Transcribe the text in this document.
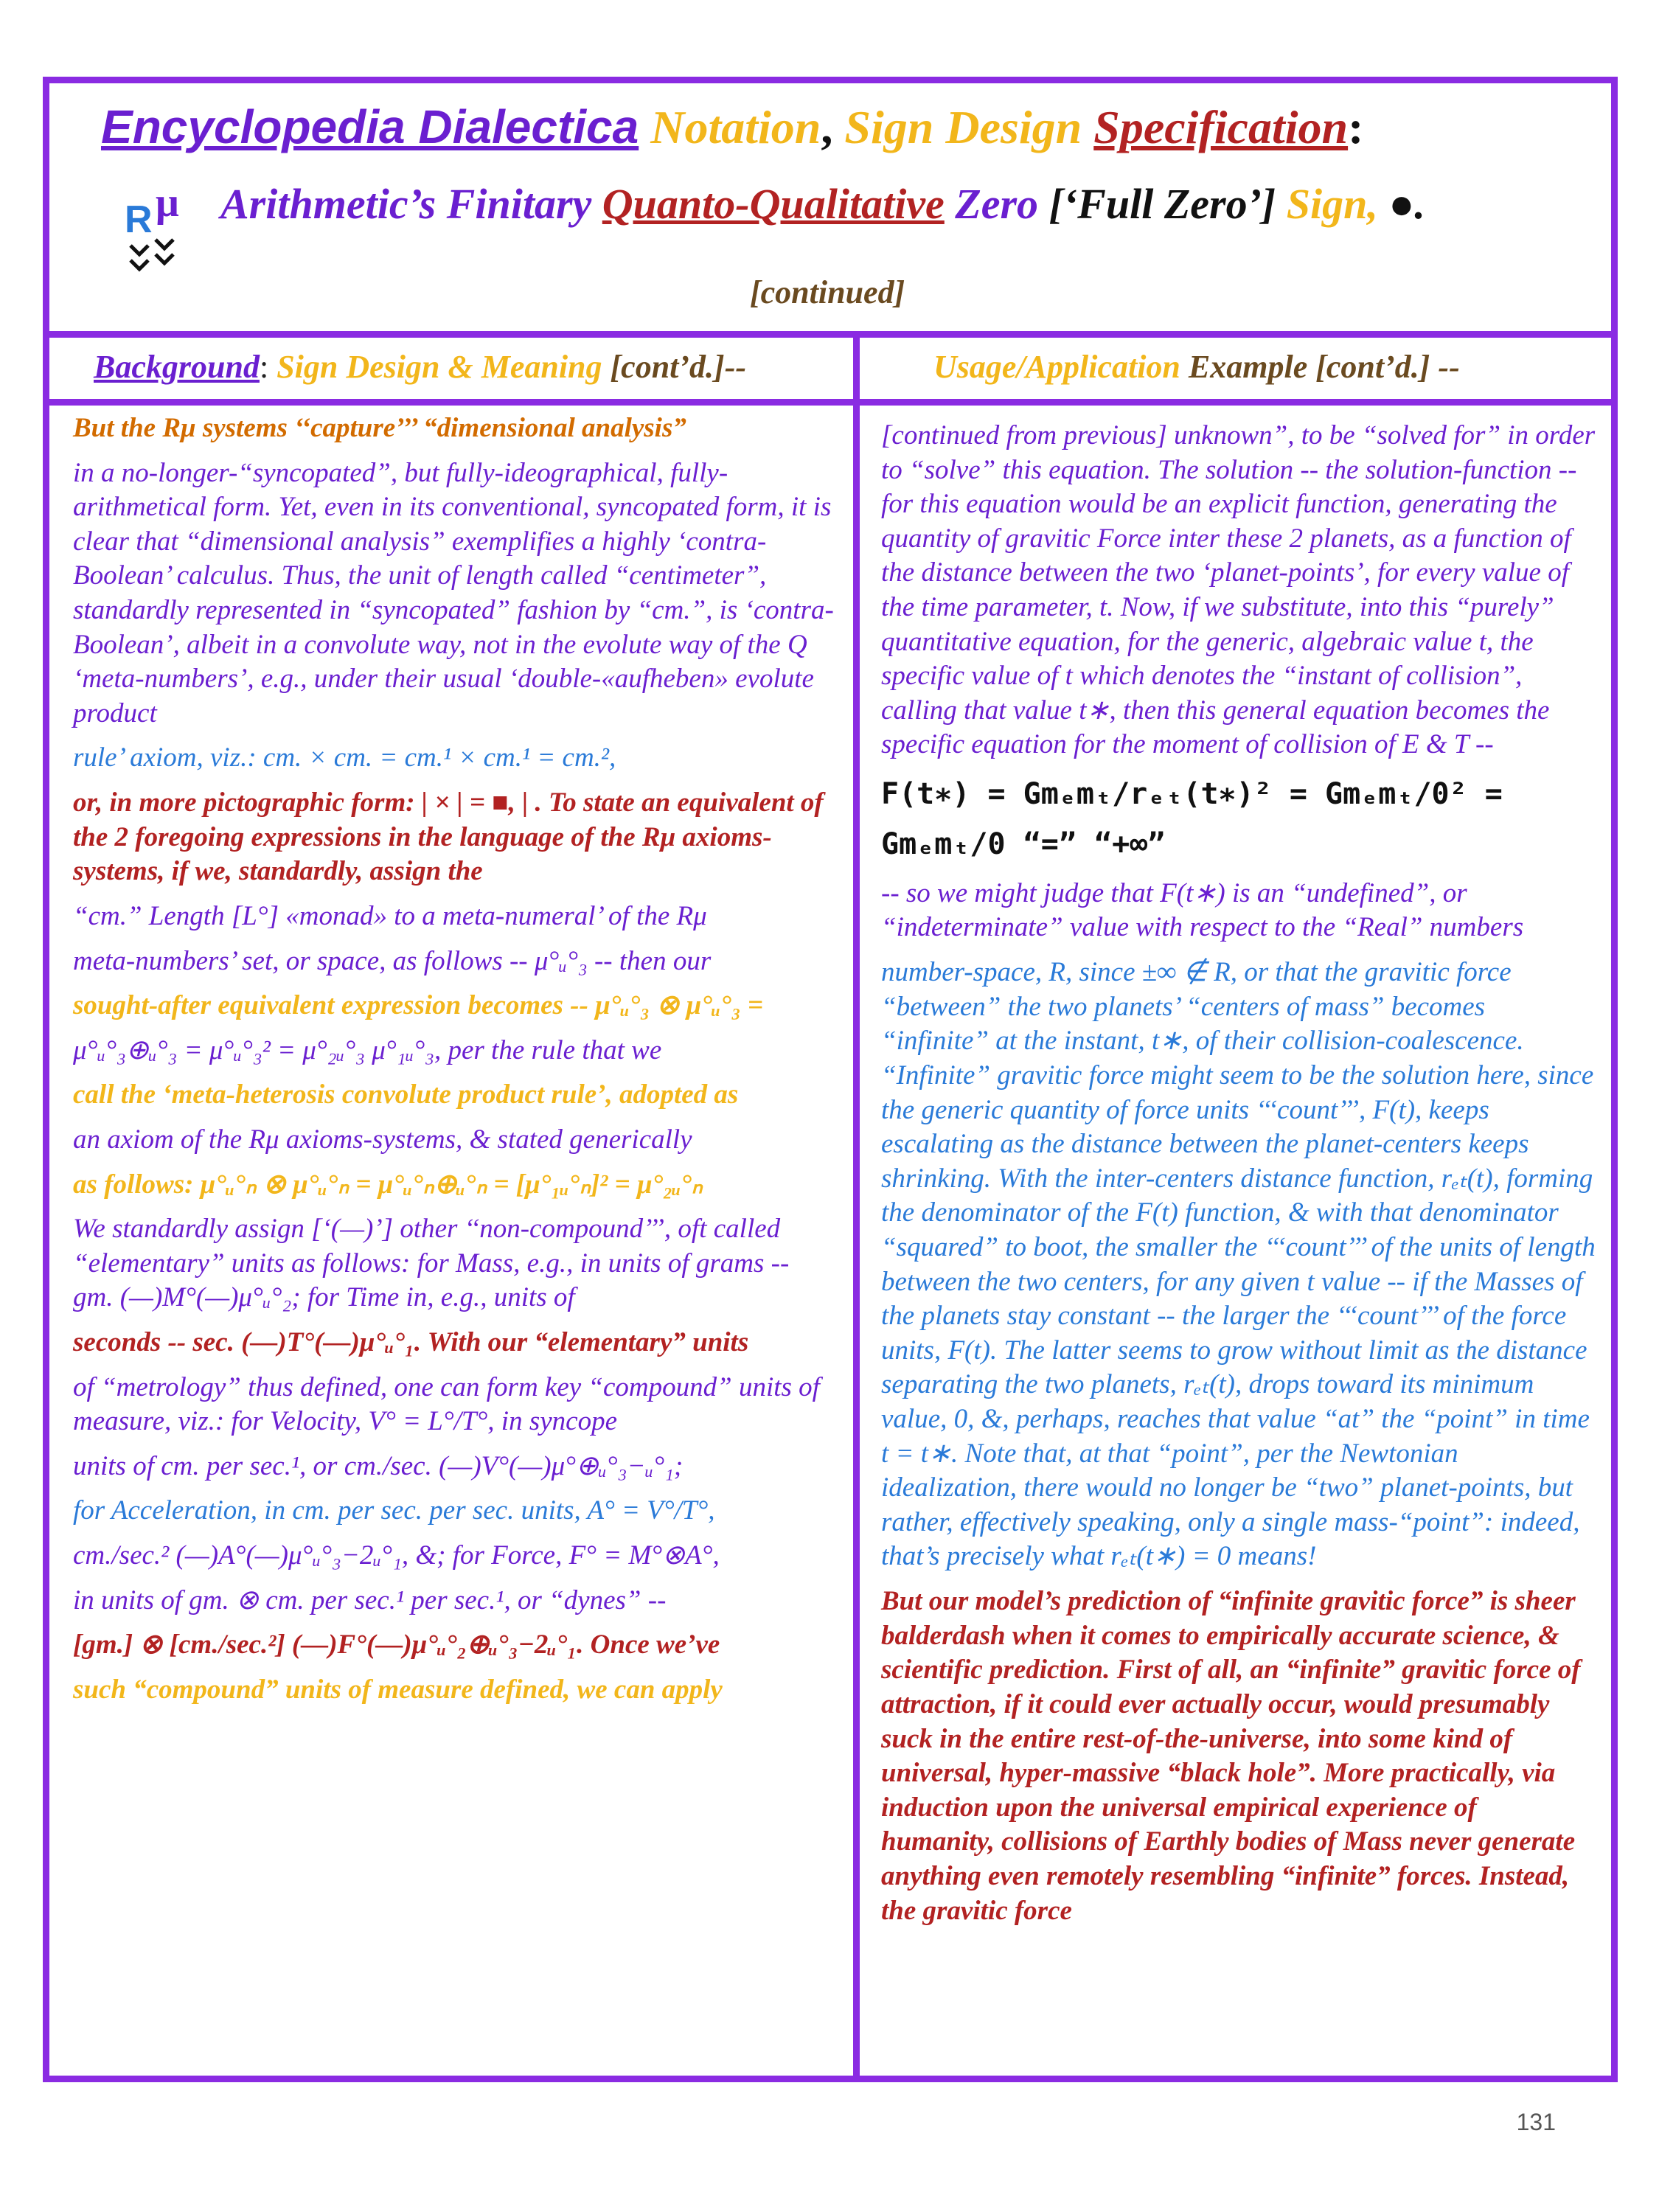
Encyclopedia Dialectica Notation, Sign Design Specification:
R μ Arithmetic’s Finitary Quanto-Qualitative Zero [‘Full Zero’] Sign, ●.
[continued]
Background: Sign Design & Meaning [cont’d.]--	Usage/Application Example [cont’d.] --

But the Rμ systems ‘‘capture’’’ “dimensional analysis”

in a no-longer-“syncopated”, but fully-ideographical, fully-arithmetical form. Yet, even in its conventional, syncopated form, it is clear that “dimensional analysis” exemplifies a highly ‘contra-Boolean’ calculus. Thus, the unit of length called “centimeter”, standardly represented in “syncopated” fashion by “cm.”, is ‘contra-Boolean’, albeit in a convolute way, not in the evolute way of the Q ‘meta-numbers’, e.g., under their usual ‘double-«aufheben» evolute product

rule’ axiom, viz.: cm. × cm. = cm.¹ × cm.¹ = cm.²,

or, in more pictographic form: | × | = ■, | . To state an equivalent of the 2 foregoing expressions in the language of the Rμ axioms-systems, if we, standardly, assign the

“cm.” Length [L°] «monad» to a meta-numeral’ of the Rμ

meta-numbers’ set, or space, as follows -- μ°ᵤ°₃ -- then our

sought-after equivalent expression becomes -- μ°ᵤ°₃ ⊗ μ°ᵤ°₃ =

μ°ᵤ°₃⊕ᵤ°₃ = μ°ᵤ°₃² = μ°₂ᵤ°₃ μ°₁ᵤ°₃, per the rule that we

call the ‘meta-heterosis convolute product rule’, adopted as

an axiom of the Rμ axioms-systems, & stated generically

as follows: μ°ᵤ°ₙ ⊗ μ°ᵤ°ₙ = μ°ᵤ°ₙ⊕ᵤ°ₙ = [μ°₁ᵤ°ₙ]² = μ°₂ᵤ°ₙ

We standardly assign [‘(—)’] other ‘‘non-compound’’’, oft called “elementary” units as follows: for Mass, e.g., in units of grams -- gm. (—)M°(—)μ°ᵤ°₂; for Time in, e.g., units of

seconds -- sec. (—)T°(—)μ°ᵤ°₁. With our “elementary” units

of “metrology” thus defined, one can form key “compound” units of measure, viz.: for Velocity, V° = L°/T°, in syncope

units of cm. per sec.¹, or cm./sec. (—)V°(—)μ°⊕ᵤ°₃−ᵤ°₁;

for Acceleration, in cm. per sec. per sec. units, A° = V°/T°,

cm./sec.² (—)A°(—)μ°ᵤ°₃−2ᵤ°₁, &; for Force, F° = M°⊗A°,

in units of gm. ⊗ cm. per sec.¹ per sec.¹, or “dynes” --

[gm.] ⊗ [cm./sec.²] (—)F°(—)μ°ᵤ°₂⊕ᵤ°₃−2ᵤ°₁. Once we’ve

such “compound” units of measure defined, we can apply

[continued from previous] unknown”, to be “solved for” in order to “solve” this equation. The solution -- the solution-function -- for this equation would be an explicit function, generating the quantity of gravitic Force inter these 2 planets, as a function of the distance between the two ‘planet-points’, for every value of the time parameter, t. Now, if we substitute, into this “purely” quantitative equation, for the generic, algebraic value t, the specific value of t which denotes the “instant of collision”, calling that value t∗, then this general equation becomes the specific equation for the moment of collision of E & T --

F(t∗) = Gmₑmₜ/rₑₜ(t∗)² = Gmₑmₜ/0² =
Gmₑmₜ/0 “=” “+∞”

-- so we might judge that F(t∗) is an “undefined”, or “indeterminate” value with respect to the “Real” numbers

number-space, R, since ±∞ ∉ R, or that the gravitic force “between” the two planets’ “centers of mass” becomes “infinite” at the instant, t∗, of their collision-coalescence. “Infinite” gravitic force might seem to be the solution here, since the generic quantity of force units ‘‘‘count’’’, F(t), keeps escalating as the distance between the planet-centers keeps shrinking. With the inter-centers distance function, rₑₜ(t), forming the denominator of the F(t) function, & with that denominator “squared” to boot, the smaller the ‘‘‘count’’’ of the units of length between the two centers, for any given t value -- if the Masses of the planets stay constant -- the larger the ‘‘‘count’’’ of the force units, F(t). The latter seems to grow without limit as the distance separating the two planets, rₑₜ(t), drops toward its minimum value, 0, &, perhaps, reaches that value “at” the “point” in time t = t∗. Note that, at that “point”, per the Newtonian idealization, there would no longer be “two” planet-points, but rather, effectively speaking, only a single mass-“point”: indeed, that’s precisely what rₑₜ(t∗) = 0 means!

But our model’s prediction of “infinite gravitic force” is sheer balderdash when it comes to empirically accurate science, & scientific prediction. First of all, an “infinite” gravitic force of attraction, if it could ever actually occur, would presumably suck in the entire rest-of-the-universe, into some kind of universal, hyper-massive “black hole”. More practically, via induction upon the universal empirical experience of humanity, collisions of Earthly bodies of Mass never generate anything even remotely resembling “infinite” forces. Instead, the gravitic force

131
